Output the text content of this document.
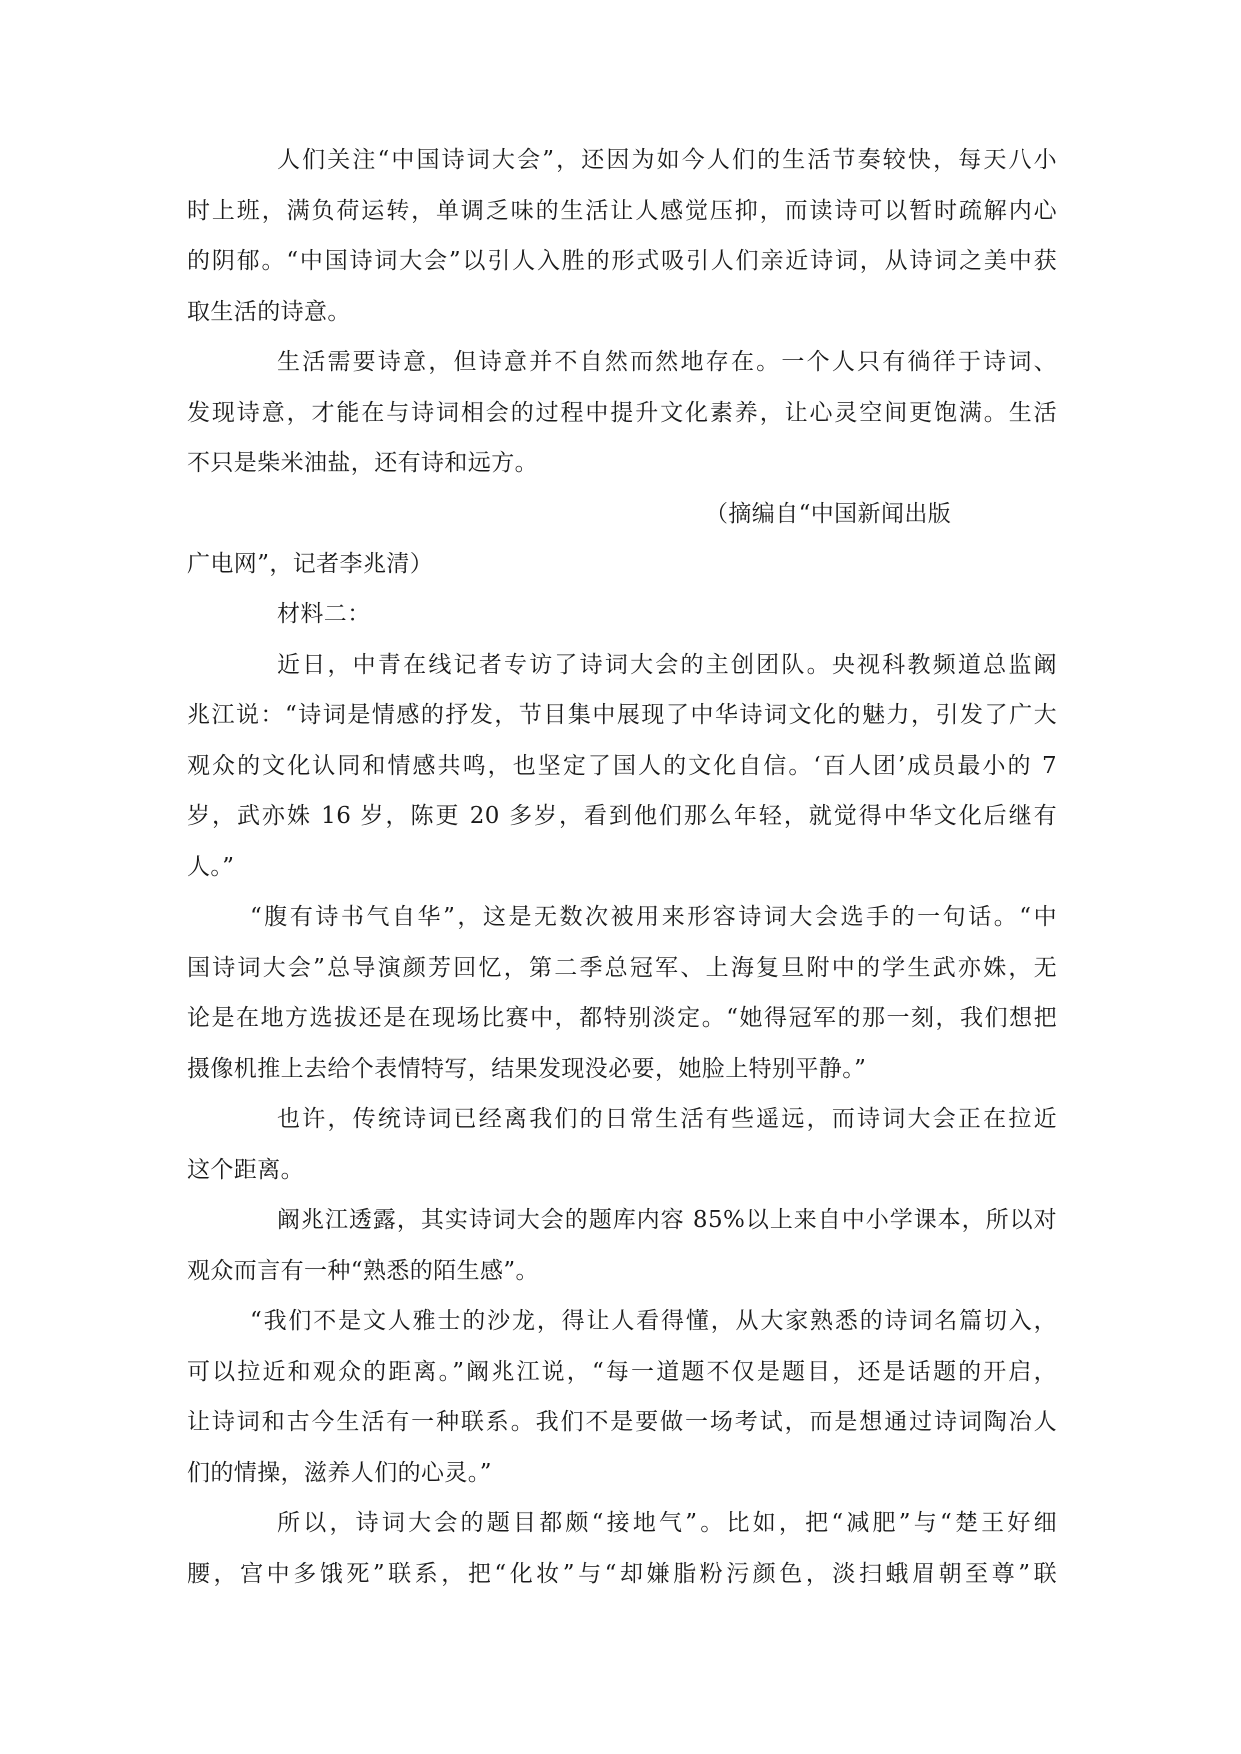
人们关注“中国诗词大会”，还因为如今人们的生活节奏较快，每天八小
时上班，满负荷运转，单调乏味的生活让人感觉压抑，而读诗可以暂时疏解内心
的阴郁。“中国诗词大会”以引人入胜的形式吸引人们亲近诗词，从诗词之美中获
取生活的诗意。
生活需要诗意，但诗意并不自然而然地存在。一个人只有徜徉于诗词、
发现诗意，才能在与诗词相会的过程中提升文化素养，让心灵空间更饱满。生活
不只是柴米油盐，还有诗和远方。
（摘编自“中国新闻出版
广电网”，记者李兆清）
材料二：
近日，中青在线记者专访了诗词大会的主创团队。央视科教频道总监阚
兆江说：“诗词是情感的抒发，节目集中展现了中华诗词文化的魅力，引发了广大
观众的文化认同和情感共鸣，也坚定了国人的文化自信。‘百人团’成员最小的 7
岁，武亦姝 16 岁，陈更 20 多岁，看到他们那么年轻，就觉得中华文化后继有
人。”
“腹有诗书气自华”，这是无数次被用来形容诗词大会选手的一句话。“中
国诗词大会”总导演颜芳回忆，第二季总冠军、上海复旦附中的学生武亦姝，无
论是在地方选拔还是在现场比赛中，都特别淡定。“她得冠军的那一刻，我们想把
摄像机推上去给个表情特写，结果发现没必要，她脸上特别平静。”
也许，传统诗词已经离我们的日常生活有些遥远，而诗词大会正在拉近
这个距离。
阚兆江透露，其实诗词大会的题库内容 85%以上来自中小学课本，所以对
观众而言有一种“熟悉的陌生感”。
“我们不是文人雅士的沙龙，得让人看得懂，从大家熟悉的诗词名篇切入，
可以拉近和观众的距离。”阚兆江说，“每一道题不仅是题目，还是话题的开启，
让诗词和古今生活有一种联系。我们不是要做一场考试，而是想通过诗词陶冶人
们的情操，滋养人们的心灵。”
所以，诗词大会的题目都颇“接地气”。比如，把“减肥”与“楚王好细
腰，宫中多饿死”联系，把“化妆”与“却嫌脂粉污颜色，淡扫蛾眉朝至尊”联
